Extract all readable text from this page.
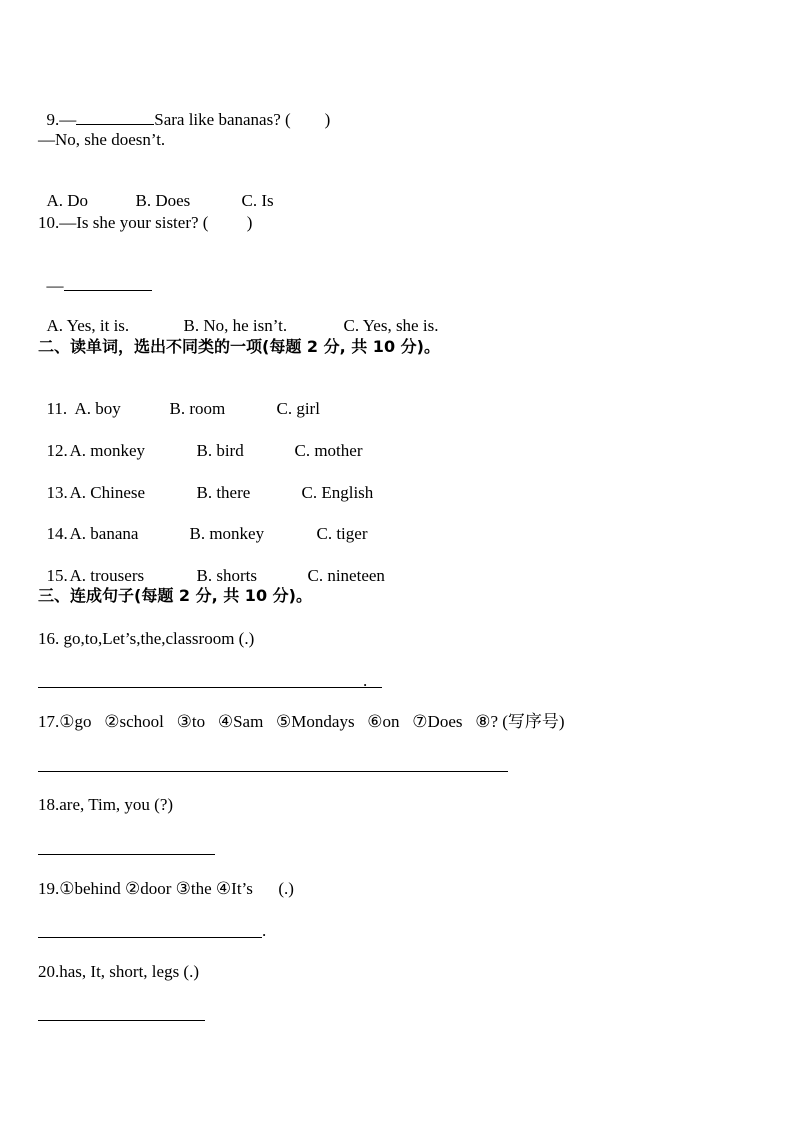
9.—	Sara like bananas? (        )

—No, she doesn’t.

A. Do	B. Does	C. Is

10.—Is she your sister? (         )

—

A. Yes, it is.	B. No, he isn’t.	C. Yes, she is.

二、读单词，选出不同类的一项(每题 2 分, 共 10 分)。

11. A. boy	B. room	C. girl

12. A. monkey	B. bird	C. mother

13. A. Chinese	B. there	C. English

14. A. banana	B. monkey	C. tiger

15. A. trousers	B. shorts	C. nineteen

三、连成句子(每题 2 分, 共 10 分)。
16. go,to,Let’s,the,classroom (.)
.
17.①go   ②school   ③to   ④Sam   ⑤Mondays   ⑥on   ⑦Does   ⑧? (写序号)
18.are, Tim, you (?)
19.①behind ②door ③the ④It’s      (.)
.
20.has, It, short, legs (.)
